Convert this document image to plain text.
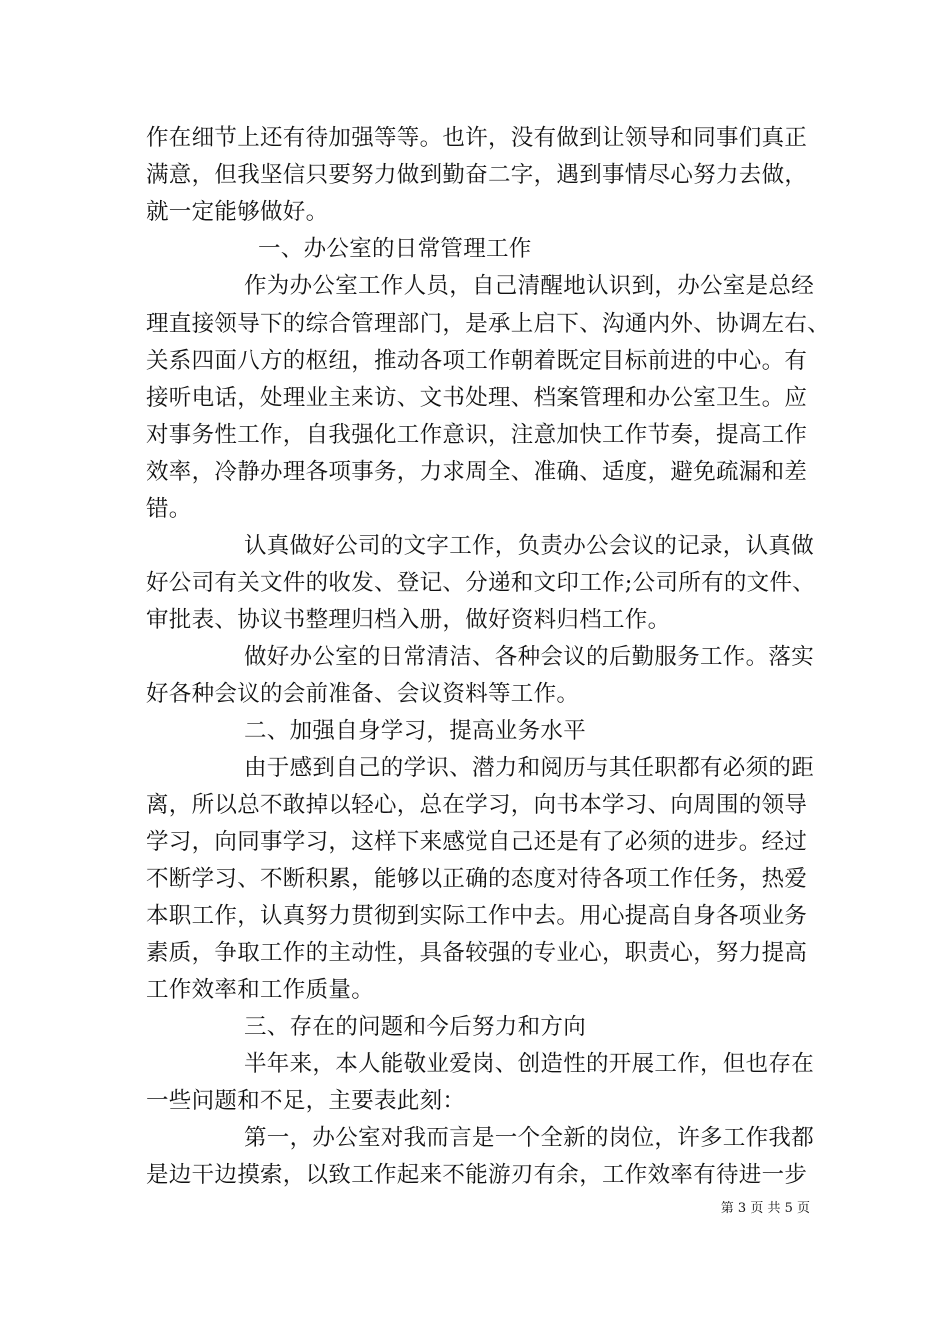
作在细节上还有待加强等等。也许，没有做到让领导和同事们真正
满意，但我坚信只要努力做到勤奋二字，遇到事情尽心努力去做，
就一定能够做好。
一、办公室的日常管理工作
作为办公室工作人员，自己清醒地认识到，办公室是总经
理直接领导下的综合管理部门，是承上启下、沟通内外、协调左右、
关系四面八方的枢纽，推动各项工作朝着既定目标前进的中心。有
接听电话，处理业主来访、文书处理、档案管理和办公室卫生。应
对事务性工作，自我强化工作意识，注意加快工作节奏，提高工作
效率，冷静办理各项事务，力求周全、准确、适度，避免疏漏和差
错。
认真做好公司的文字工作，负责办公会议的记录，认真做
好公司有关文件的收发、登记、分递和文印工作;公司所有的文件、
审批表、协议书整理归档入册，做好资料归档工作。
做好办公室的日常清洁、各种会议的后勤服务工作。落实
好各种会议的会前准备、会议资料等工作。
二、加强自身学习，提高业务水平
由于感到自己的学识、潜力和阅历与其任职都有必须的距
离，所以总不敢掉以轻心，总在学习，向书本学习、向周围的领导
学习，向同事学习，这样下来感觉自己还是有了必须的进步。经过
不断学习、不断积累，能够以正确的态度对待各项工作任务，热爱
本职工作，认真努力贯彻到实际工作中去。用心提高自身各项业务
素质，争取工作的主动性，具备较强的专业心，职责心，努力提高
工作效率和工作质量。
三、存在的问题和今后努力和方向
半年来，本人能敬业爱岗、创造性的开展工作，但也存在
一些问题和不足，主要表此刻：
第一，办公室对我而言是一个全新的岗位，许多工作我都
是边干边摸索，以致工作起来不能游刃有余，工作效率有待进一步
第 3 页 共 5 页
